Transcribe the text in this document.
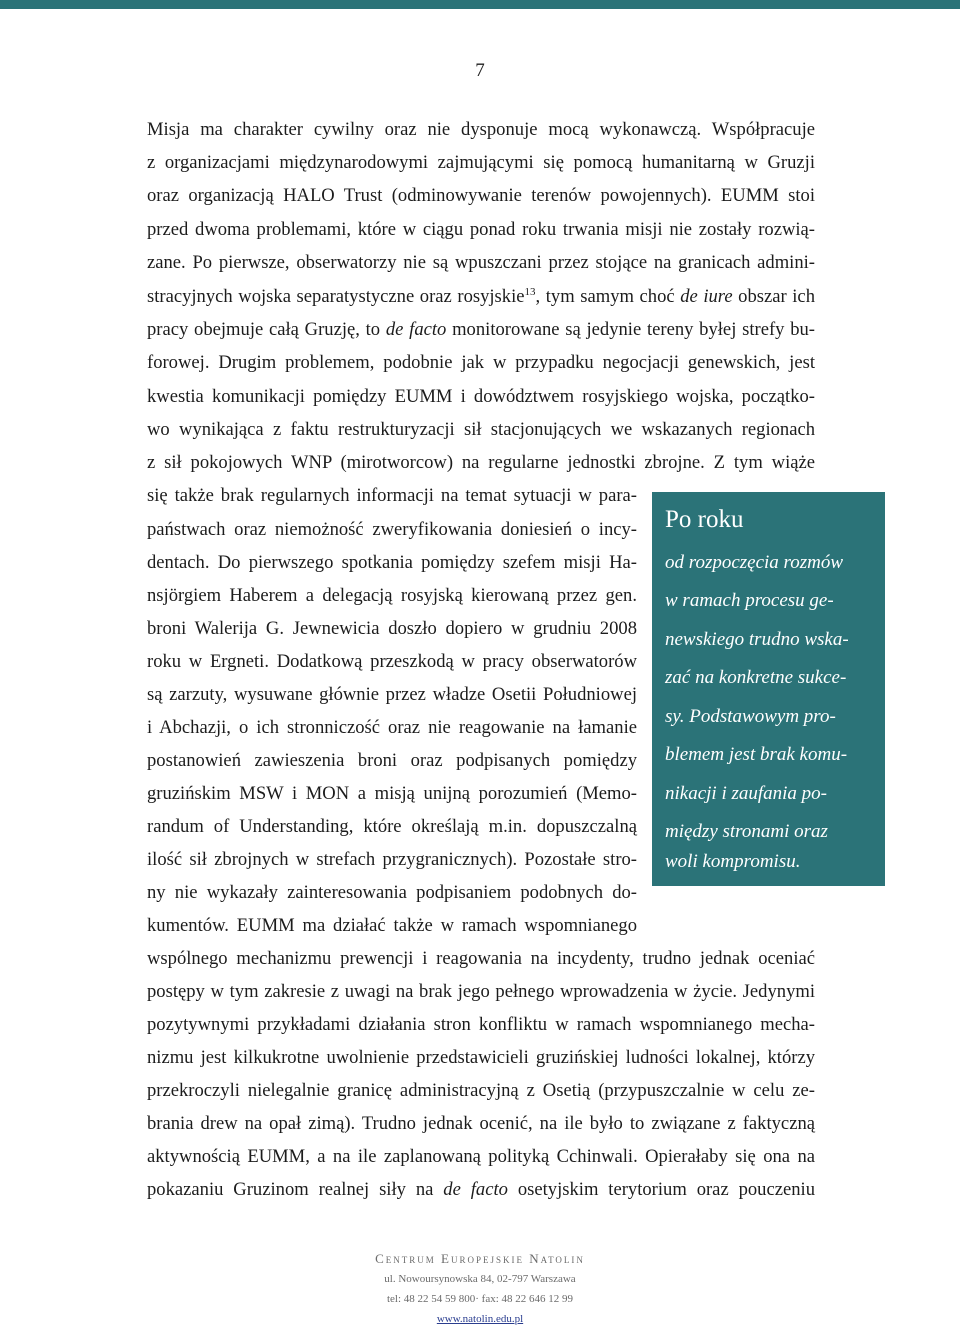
7
Misja ma charakter cywilny oraz nie dysponuje mocą wykonawczą. Współpracuje
z organizacjami międzynarodowymi zajmującymi się pomocą humanitarną w Gruzji
oraz organizacją HALO Trust (odminowywanie terenów powojennych). EUMM stoi
przed dwoma problemami, które w ciągu ponad roku trwania misji nie zostały rozwią-
zane. Po pierwsze, obserwatorzy nie są wpuszczani przez stojące na granicach admini-
stracyjnych wojska separatystyczne oraz rosyjskie$^{13}$, tym samym choć de iure obszar ich
pracy obejmuje całą Gruzję, to de facto monitorowane są jedynie tereny byłej strefy bu-
forowej. Drugim problemem, podobnie jak w przypadku negocjacji genewskich, jest
kwestia komunikacji pomiędzy EUMM i dowództwem rosyjskiego wojska, początko-
wo wynikająca z faktu restrukturyzacji sił stacjonujących we wskazanych regionach
z sił pokojowych WNP (mirotworcow) na regularne jednostki zbrojne. Z tym wiąże
się także brak regularnych informacji na temat sytuacji w para-
państwach oraz niemożność zweryfikowania doniesień o incy-
dentach. Do pierwszego spotkania pomiędzy szefem misji Ha-
nsjörgiem Haberem a delegacją rosyjską kierowaną przez gen.
broni Walerija G. Jewnewicia doszło dopiero w grudniu 2008
roku w Ergneti. Dodatkową przeszkodą w pracy obserwatorów
są zarzuty, wysuwane głównie przez władze Osetii Południowej
i Abchazji, o ich stronniczość oraz nie reagowanie na łamanie
postanowień zawieszenia broni oraz podpisanych pomiędzy
gruzińskim MSW i MON a misją unijną porozumień (Memo-
randum of Understanding, które określają m.in. dopuszczalną
ilość sił zbrojnych w strefach przygranicznych). Pozostałe stro-
ny nie wykazały zainteresowania podpisaniem podobnych do-
kumentów. EUMM ma działać także w ramach wspomnianego
wspólnego mechanizmu prewencji i reagowania na incydenty, trudno jednak oceniać
postępy w tym zakresie z uwagi na brak jego pełnego wprowadzenia w życie. Jedynymi
pozytywnymi przykładami działania stron konfliktu w ramach wspomnianego mecha-
nizmu jest kilkukrotne uwolnienie przedstawicieli gruzińskiej ludności lokalnej, którzy
przekroczyli nielegalnie granicę administracyjną z Osetią (przypuszczalnie w celu ze-
brania drew na opał zimą). Trudno jednak ocenić, na ile było to związane z faktyczną
aktywnością EUMM, a na ile zaplanowaną polityką Cchinwali. Opierałaby się ona na
pokazaniu Gruzinom realnej siły na de facto osetyjskim terytorium oraz pouczeniu
Po roku
od rozpoczęcia rozmów
w ramach procesu ge-
newskiego trudno wska-
zać na konkretne sukce-
sy. Podstawowym pro-
blemem jest brak komu-
nikacji i zaufania po-
między stronami oraz
woli kompromisu.
Centrum Europejskie Natolin
ul. Nowoursynowska 84, 02-797 Warszawa
tel: 48 22 54 59 800· fax: 48 22 646 12 99
www.natolin.edu.pl
